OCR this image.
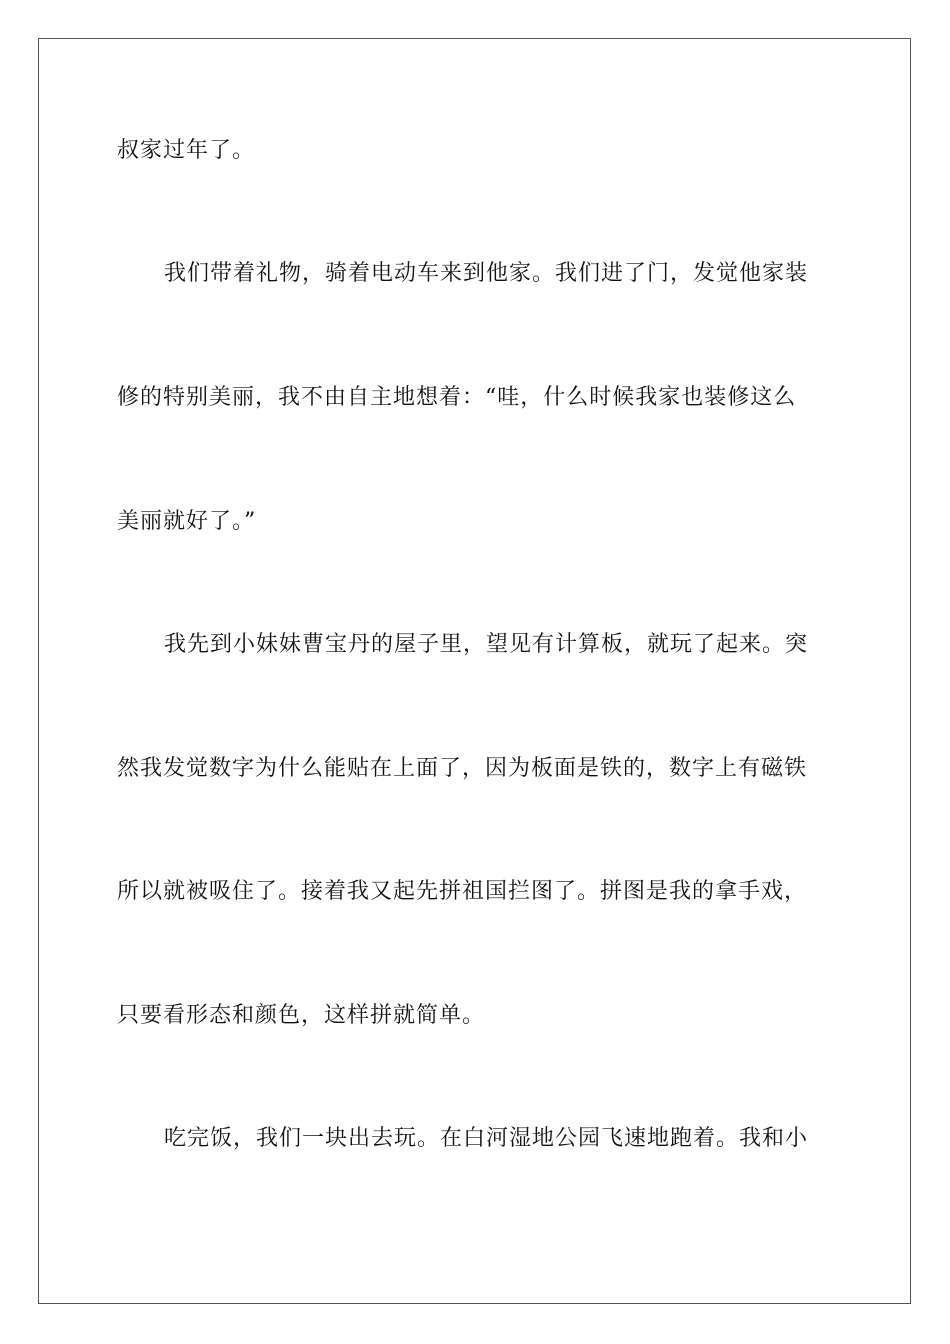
叔家过年了。
我们带着礼物，骑着电动车来到他家。我们进了门，发觉他家装
修的特别美丽，我不由自主地想着：“哇，什么时候我家也装修这么
美丽就好了。”
我先到小妹妹曹宝丹的屋子里，望见有计算板，就玩了起来。突
然我发觉数字为什么能贴在上面了，因为板面是铁的，数字上有磁铁
所以就被吸住了。接着我又起先拼祖国拦图了。拼图是我的拿手戏，
只要看形态和颜色，这样拼就简单。
吃完饭，我们一块出去玩。在白河湿地公园飞速地跑着。我和小
